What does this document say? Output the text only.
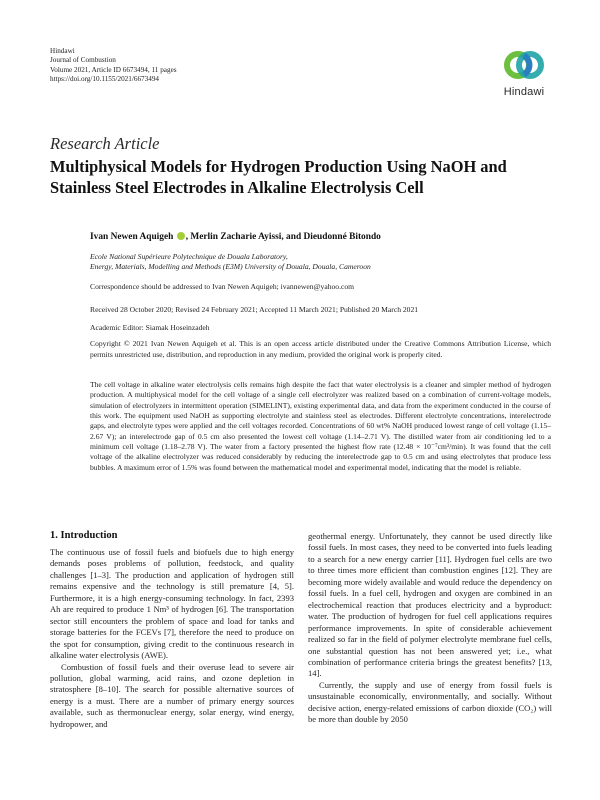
Hindawi
Journal of Combustion
Volume 2021, Article ID 6673494, 11 pages
https://doi.org/10.1155/2021/6673494
Hindawi
Research Article
Multiphysical Models for Hydrogen Production Using NaOH and Stainless Steel Electrodes in Alkaline Electrolysis Cell
Ivan Newen Aquigeh , Merlin Zacharie Ayissi, and Dieudonné Bitondo
Ecole National Supérieure Polytechnique de Douala Laboratory,
Energy, Materials, Modelling and Methods (E3M) University of Douala, Douala, Cameroon
Correspondence should be addressed to Ivan Newen Aquigeh; ivannewen@yahoo.com
Received 28 October 2020; Revised 24 February 2021; Accepted 11 March 2021; Published 20 March 2021
Academic Editor: Siamak Hoseinzadeh
Copyright © 2021 Ivan Newen Aquigeh et al. This is an open access article distributed under the Creative Commons Attribution License, which permits unrestricted use, distribution, and reproduction in any medium, provided the original work is properly cited.
The cell voltage in alkaline water electrolysis cells remains high despite the fact that water electrolysis is a cleaner and simpler method of hydrogen production. A multiphysical model for the cell voltage of a single cell electrolyzer was realized based on a combination of current-voltage models, simulation of electrolyzers in intermittent operation (SIMELINT), existing experimental data, and data from the experiment conducted in the course of this work. The equipment used NaOH as supporting electrolyte and stainless steel as electrodes. Different electrolyte concentrations, interelectrode gaps, and electrolyte types were applied and the cell voltages recorded. Concentrations of 60 wt% NaOH produced lowest range of cell voltage (1.15–2.67 V); an interelectrode gap of 0.5 cm also presented the lowest cell voltage (1.14–2.71 V). The distilled water from air conditioning led to a minimum cell voltage (1.18–2.78 V). The water from a factory presented the highest flow rate (12.48 × 10⁻⁷cm³/min). It was found that the cell voltage of the alkaline electrolyzer was reduced considerably by reducing the interelectrode gap to 0.5 cm and using electrolytes that produce less bubbles. A maximum error of 1.5% was found between the mathematical model and experimental model, indicating that the model is reliable.
1. Introduction

The continuous use of fossil fuels and biofuels due to high energy demands poses problems of pollution, feedstock, and quality challenges [1–3]. The production and application of hydrogen still remains expensive and the technology is still premature [4, 5]. Furthermore, it is a high energy-consuming technology. In fact, 2393 Ah are required to produce 1 Nm³ of hydrogen [6]. The transportation sector still encounters the problem of space and load for tanks and storage batteries for the FCEVs [7], therefore the need to produce on the spot for consumption, giving credit to the continuous research in alkaline water electrolysis (AWE).

Combustion of fossil fuels and their overuse lead to severe air pollution, global warming, acid rains, and ozone depletion in stratosphere [8–10]. The search for possible alternative sources of energy is a must. There are a number of primary energy sources available, such as thermonuclear energy, solar energy, wind energy, hydropower, and

geothermal energy. Unfortunately, they cannot be used directly like fossil fuels. In most cases, they need to be converted into fuels leading to a search for a new energy carrier [11]. Hydrogen fuel cells are two to three times more efficient than combustion engines [12]. They are becoming more widely available and would reduce the dependency on fossil fuels. In a fuel cell, hydrogen and oxygen are combined in an electrochemical reaction that produces electricity and a byproduct: water. The production of hydrogen for fuel cell applications requires performance improvements. In spite of considerable achievement realized so far in the field of polymer electrolyte membrane fuel cells, one substantial question has not been answered yet; i.e., what combination of performance criteria brings the greatest benefits? [13, 14].

Currently, the supply and use of energy from fossil fuels is unsustainable economically, environmentally, and socially. Without decisive action, energy-related emissions of carbon dioxide (CO₂) will be more than double by 2050
